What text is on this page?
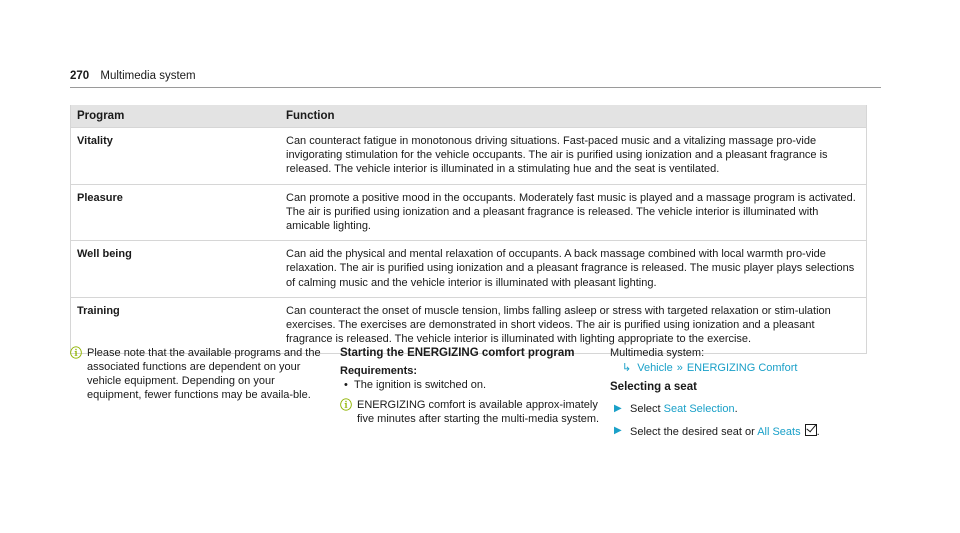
270 Multimedia system
Program	Function
Vitality	Can counteract fatigue in monotonous driving situations. Fast-paced music and a vitalizing massage pro-vide invigorating stimulation for the vehicle occupants. The air is purified using ionization and a pleasant fragrance is released. The vehicle interior is illuminated in a stimulating hue and the seat is ventilated.
Pleasure	Can promote a positive mood in the occupants. Moderately fast music is played and a massage program is activated. The air is purified using ionization and a pleasant fragrance is released. The vehicle interior is illuminated with amicable lighting.
Well being	Can aid the physical and mental relaxation of occupants. A back massage combined with local warmth pro-vide relaxation. The air is purified using ionization and a pleasant fragrance is released. The music player plays selections of calming music and the vehicle interior is illuminated with pleasant lighting.
Training	Can counteract the onset of muscle tension, limbs falling asleep or stress with targeted relaxation or stim-ulation exercises. The exercises are demonstrated in short videos. The air is purified using ionization and a pleasant fragrance is released. The vehicle interior is illuminated with lighting appropriate to the exercise.
ⓘ Please note that the available programs and the associated functions are dependent on your vehicle equipment. Depending on your equipment, fewer functions may be availa-ble.
Starting the ENERGIZING comfort program
Requirements:
• The ignition is switched on.
ⓘ ENERGIZING comfort is available approx-imately five minutes after starting the multi-media system.
Multimedia system:
↳ Vehicle » ENERGIZING Comfort
Selecting a seat
▶ Select Seat Selection.
▶ Select the desired seat or All Seats .
